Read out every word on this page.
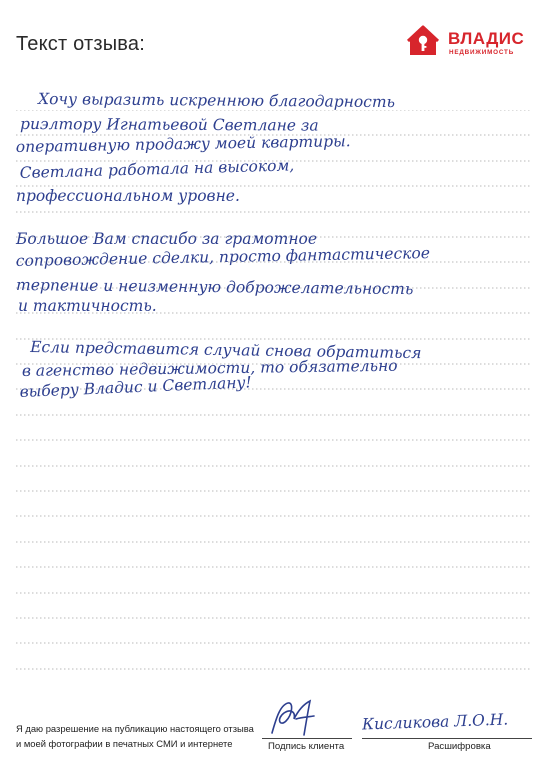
Текст отзыва:	ВЛАДИС
НЕДВИЖИМОСТЬ
Хочу выразить искреннюю благодарность
риэлтору Игнатьевой Светлане за
оперативную продажу моей квартиры.
Светлана работала на высоком,
профессиональном уровне.
Большое Вам спасибо за грамотное
сопровождение сделки, просто фантастическое
терпение и неизменную доброжелательность
и тактичность.
Если представится случай снова обратиться
в агенство недвижимости, то обязательно
выберу Владис и Светлану!
Я даю разрешение на публикацию настоящего отзыва
и моей фотографии в печатных СМИ и интернете
Кисликова Л.О.Н.
Подпись клиента	Расшифровка
